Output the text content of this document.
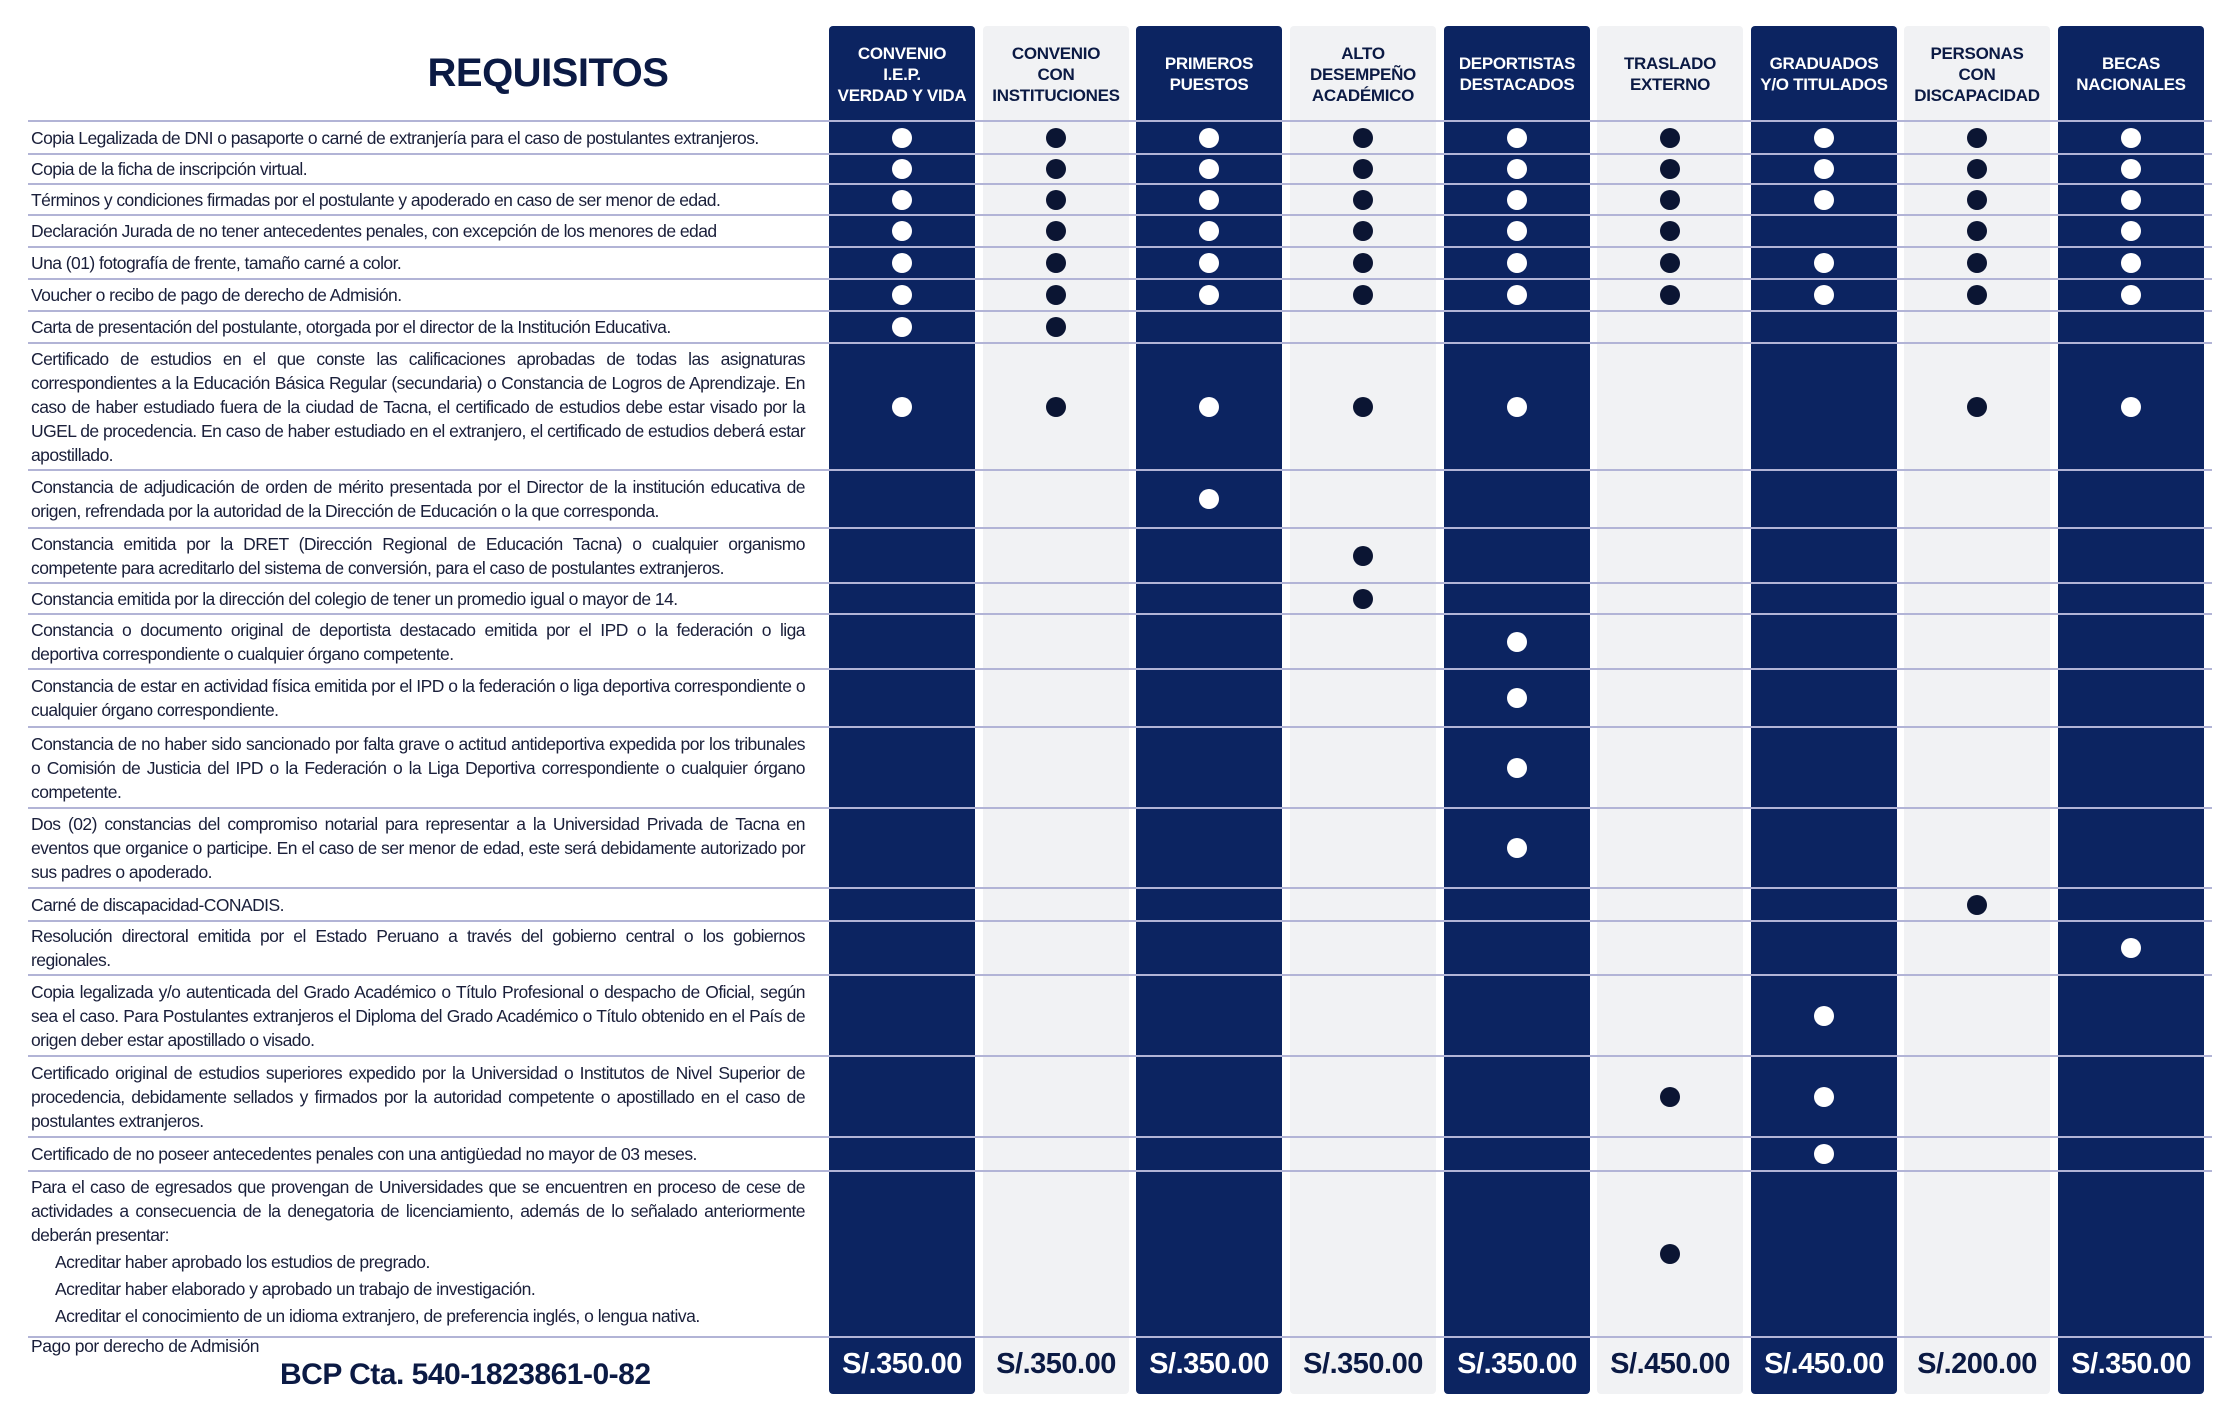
REQUISITOS	CONVENIO
I.E.P.
VERDAD Y VIDA
S/.350.00
CONVENIO
CON
INSTITUCIONES
S/.350.00
PRIMEROS
PUESTOS
S/.350.00
ALTO
DESEMPEÑO
ACADÉMICO
S/.350.00
DEPORTISTAS
DESTACADOS
S/.350.00
TRASLADO
EXTERNO
S/.450.00
GRADUADOS
Y/O TITULADOS
S/.450.00
PERSONAS
CON
DISCAPACIDAD
S/.200.00
BECAS
NACIONALES
S/.350.00
Copia Legalizada de DNI o pasaporte o carné de extranjería para el caso de postulantes extranjeros.
Copia de la ficha de inscripción virtual.
Términos y condiciones firmadas por el postulante y apoderado en caso de ser menor de edad.
Declaración Jurada de no tener antecedentes penales, con excepción de los menores de edad
Una (01) fotografía de frente, tamaño carné a color.
Voucher o recibo de pago de derecho de Admisión.
Carta de presentación del postulante, otorgada por el director de la Institución Educativa.
Certificado de estudios en el que conste las calificaciones aprobadas de todas las asignaturas correspondientes a la Educación Básica Regular (secundaria) o Constancia de Logros de Aprendizaje. En caso de haber estudiado fuera de la ciudad de Tacna, el certificado de estudios debe estar visado por la UGEL de procedencia. En caso de haber estudiado en el extranjero, el certificado de estudios deberá estar apostillado.
Constancia de adjudicación de orden de mérito presentada por el Director de la institución educativa de origen, refrendada por la autoridad de la Dirección de Educación o la que corresponda.
Constancia emitida por la DRET (Dirección Regional de Educación Tacna) o cualquier organismo competente para acreditarlo del sistema de conversión, para el caso de postulantes extranjeros.
Constancia emitida por la dirección del colegio de tener un promedio igual o mayor de 14.
Constancia o documento original de deportista destacado emitida por el IPD o la federación o liga deportiva correspondiente o cualquier órgano competente.
Constancia de estar en actividad física emitida por el IPD o la federación o liga deportiva correspondiente o cualquier órgano correspondiente.
Constancia de no haber sido sancionado por falta grave o actitud antideportiva expedida por los tribunales o Comisión de Justicia del IPD o la Federación o la Liga Deportiva correspondiente o cualquier órgano competente.
Dos (02) constancias del compromiso notarial para representar a la Universidad Privada de Tacna en eventos que organice o participe. En el caso de ser menor de edad, este será debidamente autorizado por sus padres o apoderado.
Carné de discapacidad-CONADIS.
Resolución directoral emitida por el Estado Peruano a través del gobierno central o los gobiernos regionales.
Copia legalizada y/o autenticada del Grado Académico o Título Profesional o despacho de Oficial, según sea el caso. Para Postulantes extranjeros el Diploma del Grado Académico o Título obtenido en el País de origen deber estar apostillado o visado.
Certificado original de estudios superiores expedido por la Universidad o Institutos de Nivel Superior de procedencia, debidamente sellados y firmados por la autoridad competente o apostillado en el caso de postulantes extranjeros.
Certificado de no poseer antecedentes penales con una antigüedad no mayor de 03 meses.
Para el caso de egresados que provengan de Universidades que se encuentren en proceso de cese de actividades a consecuencia de la denegatoria de licenciamiento, además de lo señalado anteriormente deberán presentar:
Acreditar haber aprobado los estudios de pregrado.
Acreditar haber elaborado y aprobado un trabajo de investigación.
Acreditar el conocimiento de un idioma extranjero, de preferencia inglés, o lengua nativa.
Pago por derecho de Admisión
BCP Cta. 540-1823861-0-82
